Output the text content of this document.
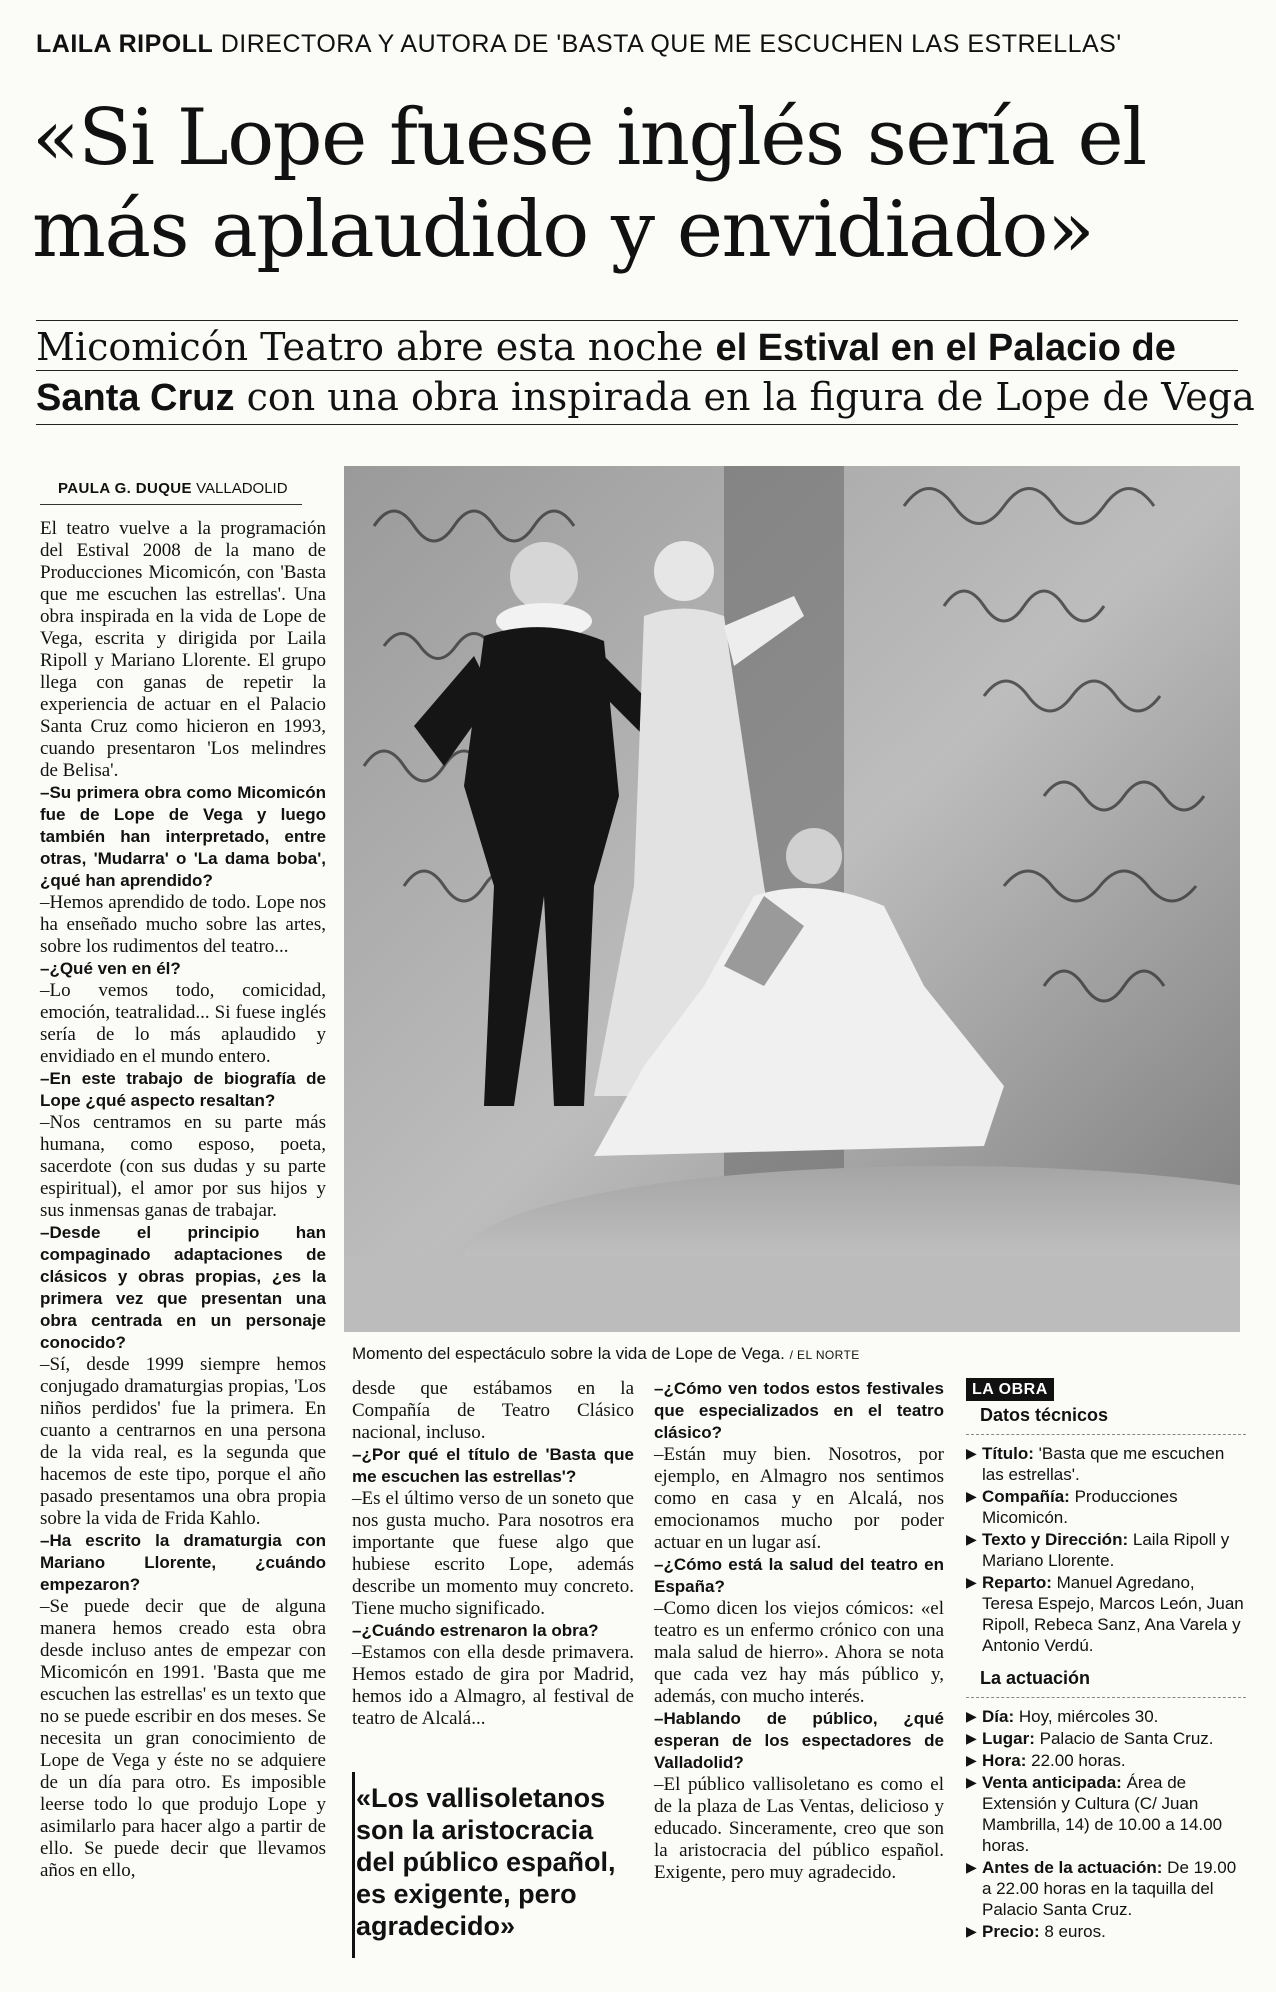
LAILA RIPOLL DIRECTORA Y AUTORA DE 'BASTA QUE ME ESCUCHEN LAS ESTRELLAS'
«Si Lope fuese inglés sería el
más aplaudido y envidiado»
Micomicón Teatro abre esta noche el Estival en el Palacio de
Santa Cruz con una obra inspirada en la figura de Lope de Vega
PAULA G. DUQUE VALLADOLID

El teatro vuelve a la programación del Estival 2008 de la mano de Producciones Micomicón, con 'Basta que me escuchen las estrellas'. Una obra inspirada en la vida de Lope de Vega, escrita y dirigida por Laila Ripoll y Mariano Llorente. El grupo llega con ganas de repetir la experiencia de actuar en el Palacio Santa Cruz como hicieron en 1993, cuando presentaron 'Los melindres de Belisa'.

–Su primera obra como Micomicón fue de Lope de Vega y luego también han interpretado, entre otras, 'Mudarra' o 'La dama boba', ¿qué han aprendido?

–Hemos aprendido de todo. Lope nos ha enseñado mucho sobre las artes, sobre los rudimentos del teatro...

–¿Qué ven en él?

–Lo vemos todo, comicidad, emoción, teatralidad... Si fuese inglés sería de lo más aplaudido y envidiado en el mundo entero.

–En este trabajo de biografía de Lope ¿qué aspecto resaltan?

–Nos centramos en su parte más humana, como esposo, poeta, sacerdote (con sus dudas y su parte espiritual), el amor por sus hijos y sus inmensas ganas de trabajar.

–Desde el principio han compaginado adaptaciones de clásicos y obras propias, ¿es la primera vez que presentan una obra centrada en un personaje conocido?

–Sí, desde 1999 siempre hemos conjugado dramaturgias propias, 'Los niños perdidos' fue la primera. En cuanto a centrarnos en una persona de la vida real, es la segunda que hacemos de este tipo, porque el año pasado presentamos una obra propia sobre la vida de Frida Kahlo.

–Ha escrito la dramaturgia con Mariano Llorente, ¿cuándo empezaron?

–Se puede decir que de alguna manera hemos creado esta obra desde incluso antes de empezar con Micomicón en 1991. 'Basta que me escuchen las estrellas' es un texto que no se puede escribir en dos meses. Se necesita un gran conocimiento de Lope de Vega y éste no se adquiere de un día para otro. Es imposible leerse todo lo que produjo Lope y asimilarlo para hacer algo a partir de ello. Se puede decir que llevamos años en ello,

Momento del espectáculo sobre la vida de Lope de Vega. / EL NORTE

desde que estábamos en la Compañía de Teatro Clásico nacional, incluso.

–¿Por qué el título de 'Basta que me escuchen las estrellas'?

–Es el último verso de un soneto que nos gusta mucho. Para nosotros era importante que fuese algo que hubiese escrito Lope, además describe un momento muy concreto. Tiene mucho significado.

–¿Cuándo estrenaron la obra?

–Estamos con ella desde primavera. Hemos estado de gira por Madrid, hemos ido a Almagro, al festival de teatro de Alcalá...

«Los vallisoletanos son la aristocracia del público español, es exigente, pero agradecido»

–¿Cómo ven todos estos festivales que especializados en el teatro clásico?

–Están muy bien. Nosotros, por ejemplo, en Almagro nos sentimos como en casa y en Alcalá, nos emocionamos mucho por poder actuar en un lugar así.

–¿Cómo está la salud del teatro en España?

–Como dicen los viejos cómicos: «el teatro es un enfermo crónico con una mala salud de hierro». Ahora se nota que cada vez hay más público y, además, con mucho interés.

–Hablando de público, ¿qué esperan de los espectadores de Valladolid?

–El público vallisoletano es como el de la plaza de Las Ventas, delicioso y educado. Sinceramente, creo que son la aristocracia del público español. Exigente, pero muy agradecido.

LA OBRA
Datos técnicos
▶ Título: 'Basta que me escuchen las estrellas'.
▶ Compañía: Producciones Micomicón.
▶ Texto y Dirección: Laila Ripoll y Mariano Llorente.
▶ Reparto: Manuel Agredano, Teresa Espejo, Marcos León, Juan Ripoll, Rebeca Sanz, Ana Varela y Antonio Verdú.
La actuación
▶ Día: Hoy, miércoles 30.
▶ Lugar: Palacio de Santa Cruz.
▶ Hora: 22.00 horas.
▶ Venta anticipada: Área de Extensión y Cultura (C/ Juan Mambrilla, 14) de 10.00 a 14.00 horas.
▶ Antes de la actuación: De 19.00 a 22.00 horas en la taquilla del Palacio Santa Cruz.
▶ Precio: 8 euros.
